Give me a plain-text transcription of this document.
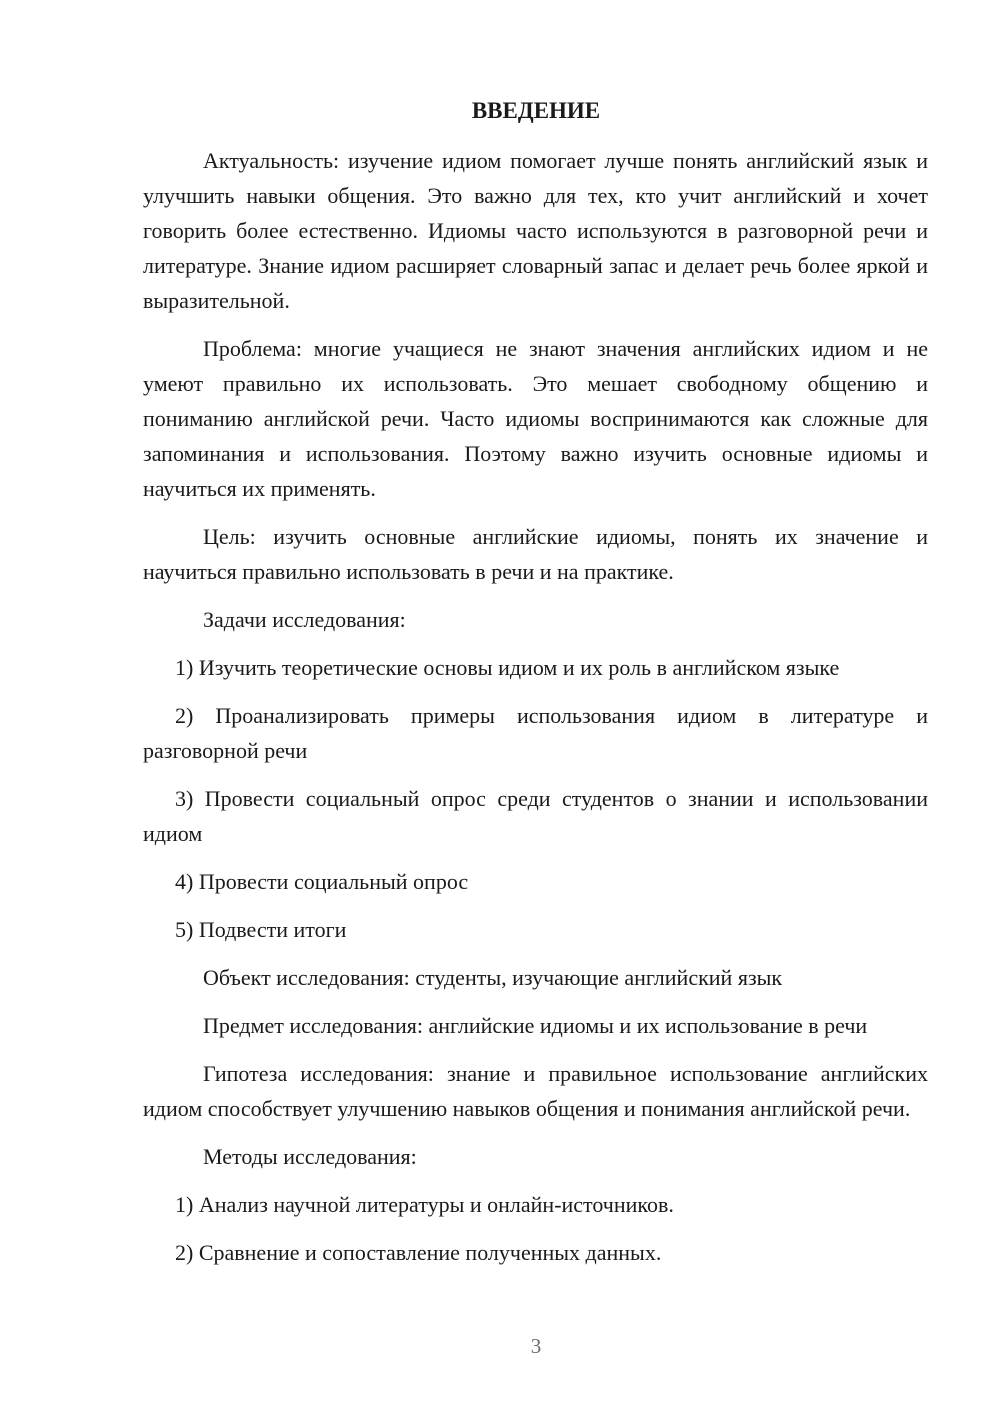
ВВЕДЕНИЕ

Актуальность: изучение идиом помогает лучше понять английский язык и улучшить навыки общения. Это важно для тех, кто учит английский и хочет говорить более естественно. Идиомы часто используются в разговорной речи и литературе. Знание идиом расширяет словарный запас и делает речь более яркой и выразительной.

Проблема: многие учащиеся не знают значения английских идиом и не умеют правильно их использовать. Это мешает свободному общению и пониманию английской речи. Часто идиомы воспринимаются как сложные для запоминания и использования. Поэтому важно изучить основные идиомы и научиться их применять.

Цель: изучить основные английские идиомы, понять их значение и научиться правильно использовать в речи и на практике.

Задачи исследования:

1) Изучить теоретические основы идиом и их роль в английском языке

2) Проанализировать примеры использования идиом в литературе и разговорной речи

3) Провести социальный опрос среди студентов о знании и использовании идиом

4) Провести социальный опрос

5) Подвести итоги

Объект исследования: студенты, изучающие английский язык

Предмет исследования: английские идиомы и их использование в речи

Гипотеза исследования: знание и правильное использование английских идиом способствует улучшению навыков общения и понимания английской речи.

Методы исследования:

1) Анализ научной литературы и онлайн-источников.

2) Сравнение и сопоставление полученных данных.

3
